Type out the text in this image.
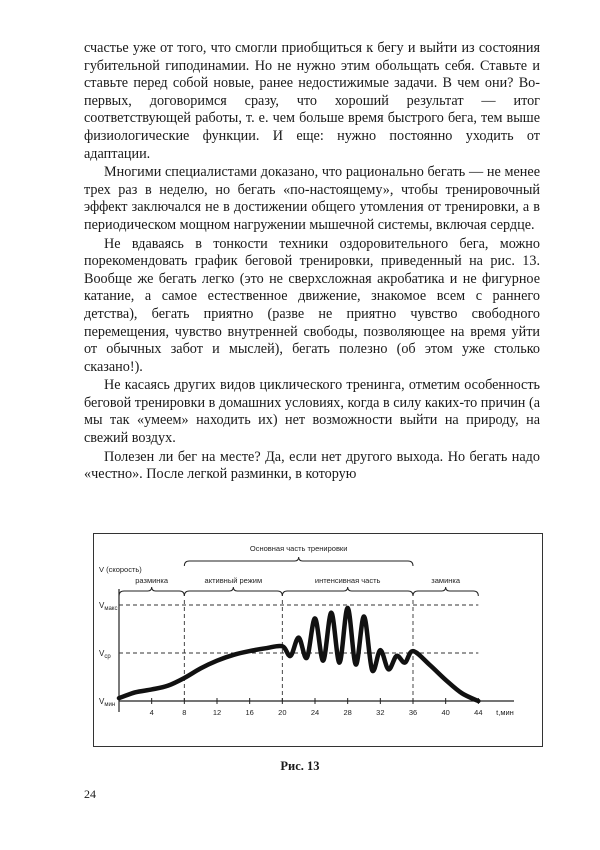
счастье уже от того, что смогли приобщиться к бегу и выйти из состояния губительной гиподинамии. Но не нужно этим обольщать себя. Ставьте и ставьте перед собой новые, ранее недостижимые задачи. В чем они? Во-первых, договоримся сразу, что хороший результат — итог соответствующей работы, т. е. чем больше время быстрого бега, тем выше физиологические функции. И еще: нужно постоянно уходить от адаптации.

Многими специалистами доказано, что рационально бегать — не менее трех раз в неделю, но бегать «по-настоящему», чтобы тренировочный эффект заключался не в достижении общего утомления от тренировки, а в периодическом мощном нагружении мышечной системы, включая сердце.

Не вдаваясь в тонкости техники оздоровительного бега, можно порекомендовать график беговой тренировки, приведенный на рис. 13. Вообще же бегать легко (это не сверхсложная акробатика и не фигурное катание, а самое естественное движение, знакомое всем с раннего детства), бегать приятно (разве не приятно чувство свободного перемещения, чувство внутренней свободы, позволяющее на время уйти от обычных забот и мыслей), бегать полезно (об этом уже столько сказано!).

Не касаясь других видов циклического тренинга, отметим особенность беговой тренировки в домашних условиях, когда в силу каких-то причин (а мы так «умеем» находить их) нет возможности выйти на природу, на свежий воздух.

Полезен ли бег на месте? Да, если нет другого выхода. Но бегать надо «честно». После легкой разминки, в которую

V (скорость)
$V_{макс}$
$V_{ср}$
$V_{мин}$
Основная часть тренировки
разминка	активный режим	интенсивная часть	заминка
4	8	12	16	20	24	28	32	36	40	44 t,мин
Рис. 13
24
